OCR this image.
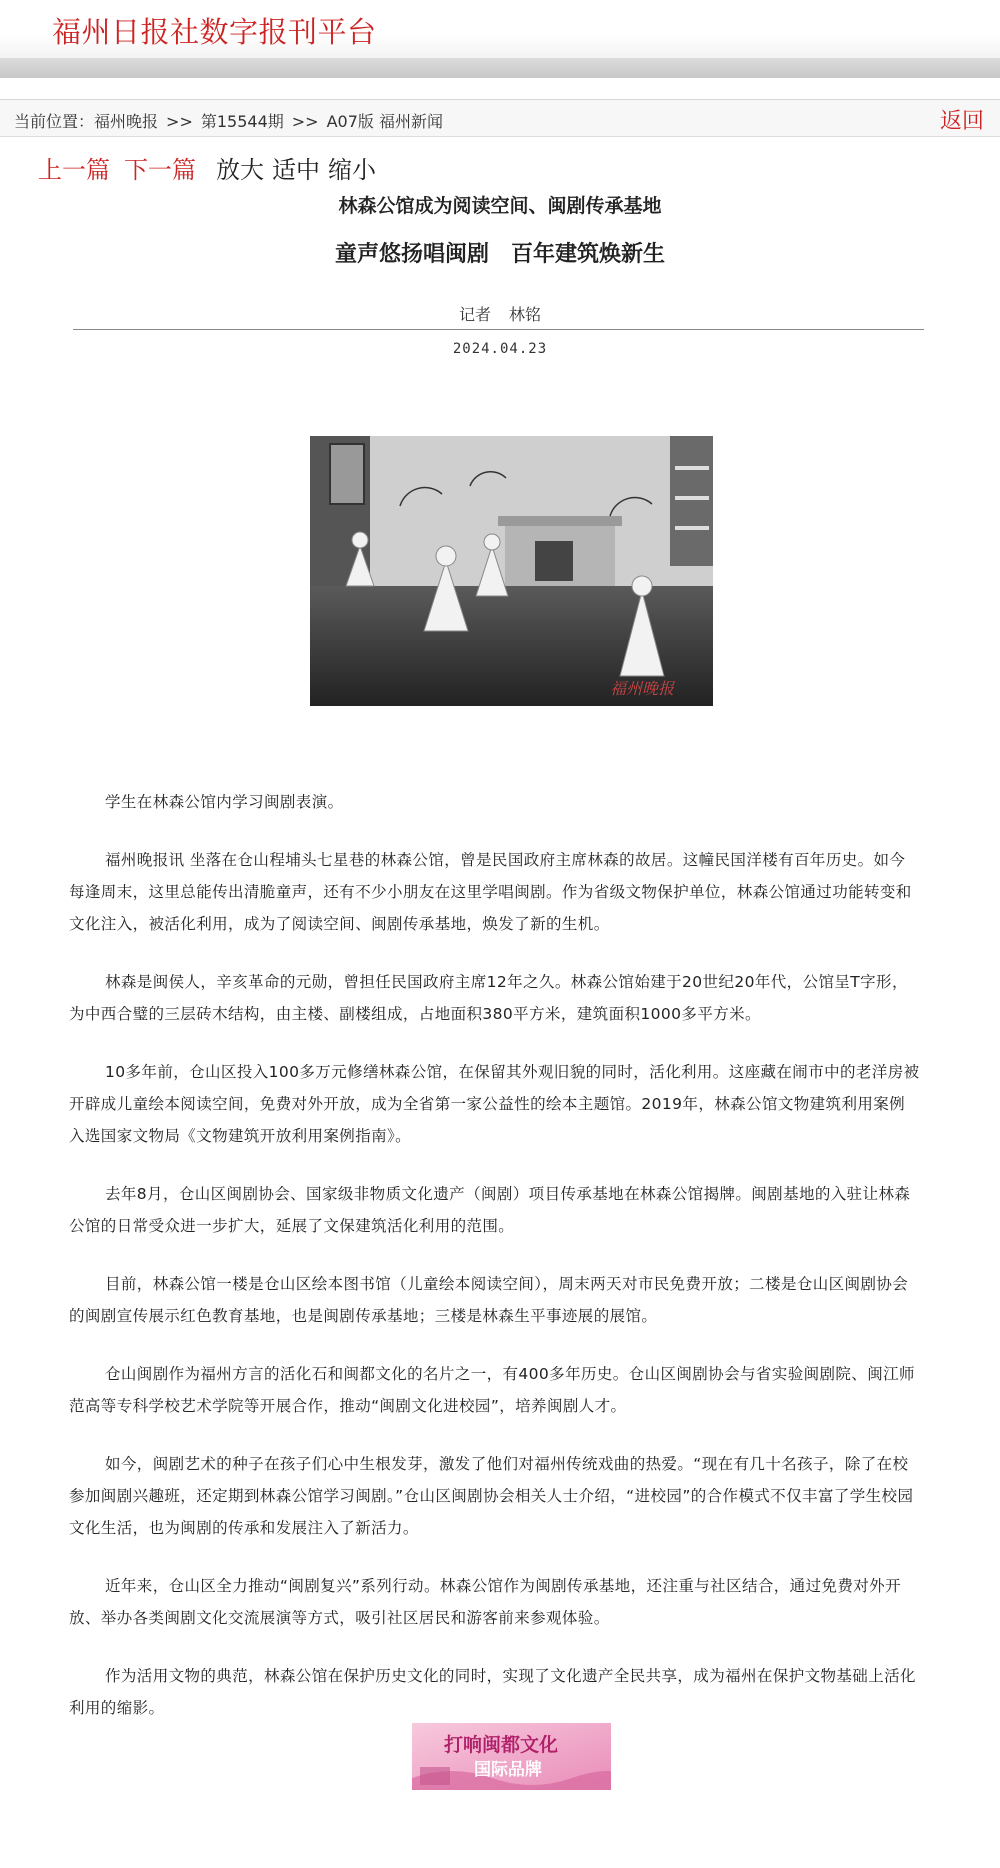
福州日报社数字报刊平台
当前位置：福州晚报 >> 第15544期 >> A07版 福州新闻	返回
上一篇 下一篇 放大 适中 缩小
林森公馆成为阅读空间、闽剧传承基地
童声悠扬唱闽剧　百年建筑焕新生
记者 林铭
2024.04.23
福州晚报

学生在林森公馆内学习闽剧表演。

福州晚报讯 坐落在仓山程埔头七星巷的林森公馆，曾是民国政府主席林森的故居。这幢民国洋楼有百年历史。如今每逢周末，这里总能传出清脆童声，还有不少小朋友在这里学唱闽剧。作为省级文物保护单位，林森公馆通过功能转变和文化注入，被活化利用，成为了阅读空间、闽剧传承基地，焕发了新的生机。

林森是闽侯人，辛亥革命的元勋，曾担任民国政府主席12年之久。林森公馆始建于20世纪20年代，公馆呈T字形，为中西合璧的三层砖木结构，由主楼、副楼组成，占地面积380平方米，建筑面积1000多平方米。

10多年前，仓山区投入100多万元修缮林森公馆，在保留其外观旧貌的同时，活化利用。这座藏在闹市中的老洋房被开辟成儿童绘本阅读空间，免费对外开放，成为全省第一家公益性的绘本主题馆。2019年，林森公馆文物建筑利用案例入选国家文物局《文物建筑开放利用案例指南》。

去年8月，仓山区闽剧协会、国家级非物质文化遗产（闽剧）项目传承基地在林森公馆揭牌。闽剧基地的入驻让林森公馆的日常受众进一步扩大，延展了文保建筑活化利用的范围。

目前，林森公馆一楼是仓山区绘本图书馆（儿童绘本阅读空间），周末两天对市民免费开放；二楼是仓山区闽剧协会的闽剧宣传展示红色教育基地，也是闽剧传承基地；三楼是林森生平事迹展的展馆。

仓山闽剧作为福州方言的活化石和闽都文化的名片之一，有400多年历史。仓山区闽剧协会与省实验闽剧院、闽江师范高等专科学校艺术学院等开展合作，推动“闽剧文化进校园”，培养闽剧人才。

如今，闽剧艺术的种子在孩子们心中生根发芽，激发了他们对福州传统戏曲的热爱。“现在有几十名孩子，除了在校参加闽剧兴趣班，还定期到林森公馆学习闽剧。”仓山区闽剧协会相关人士介绍，“进校园”的合作模式不仅丰富了学生校园文化生活，也为闽剧的传承和发展注入了新活力。

近年来，仓山区全力推动“闽剧复兴”系列行动。林森公馆作为闽剧传承基地，还注重与社区结合，通过免费对外开放、举办各类闽剧文化交流展演等方式，吸引社区居民和游客前来参观体验。

作为活用文物的典范，林森公馆在保护历史文化的同时，实现了文化遗产全民共享，成为福州在保护文物基础上活化利用的缩影。

打响闽都文化
国际品牌
